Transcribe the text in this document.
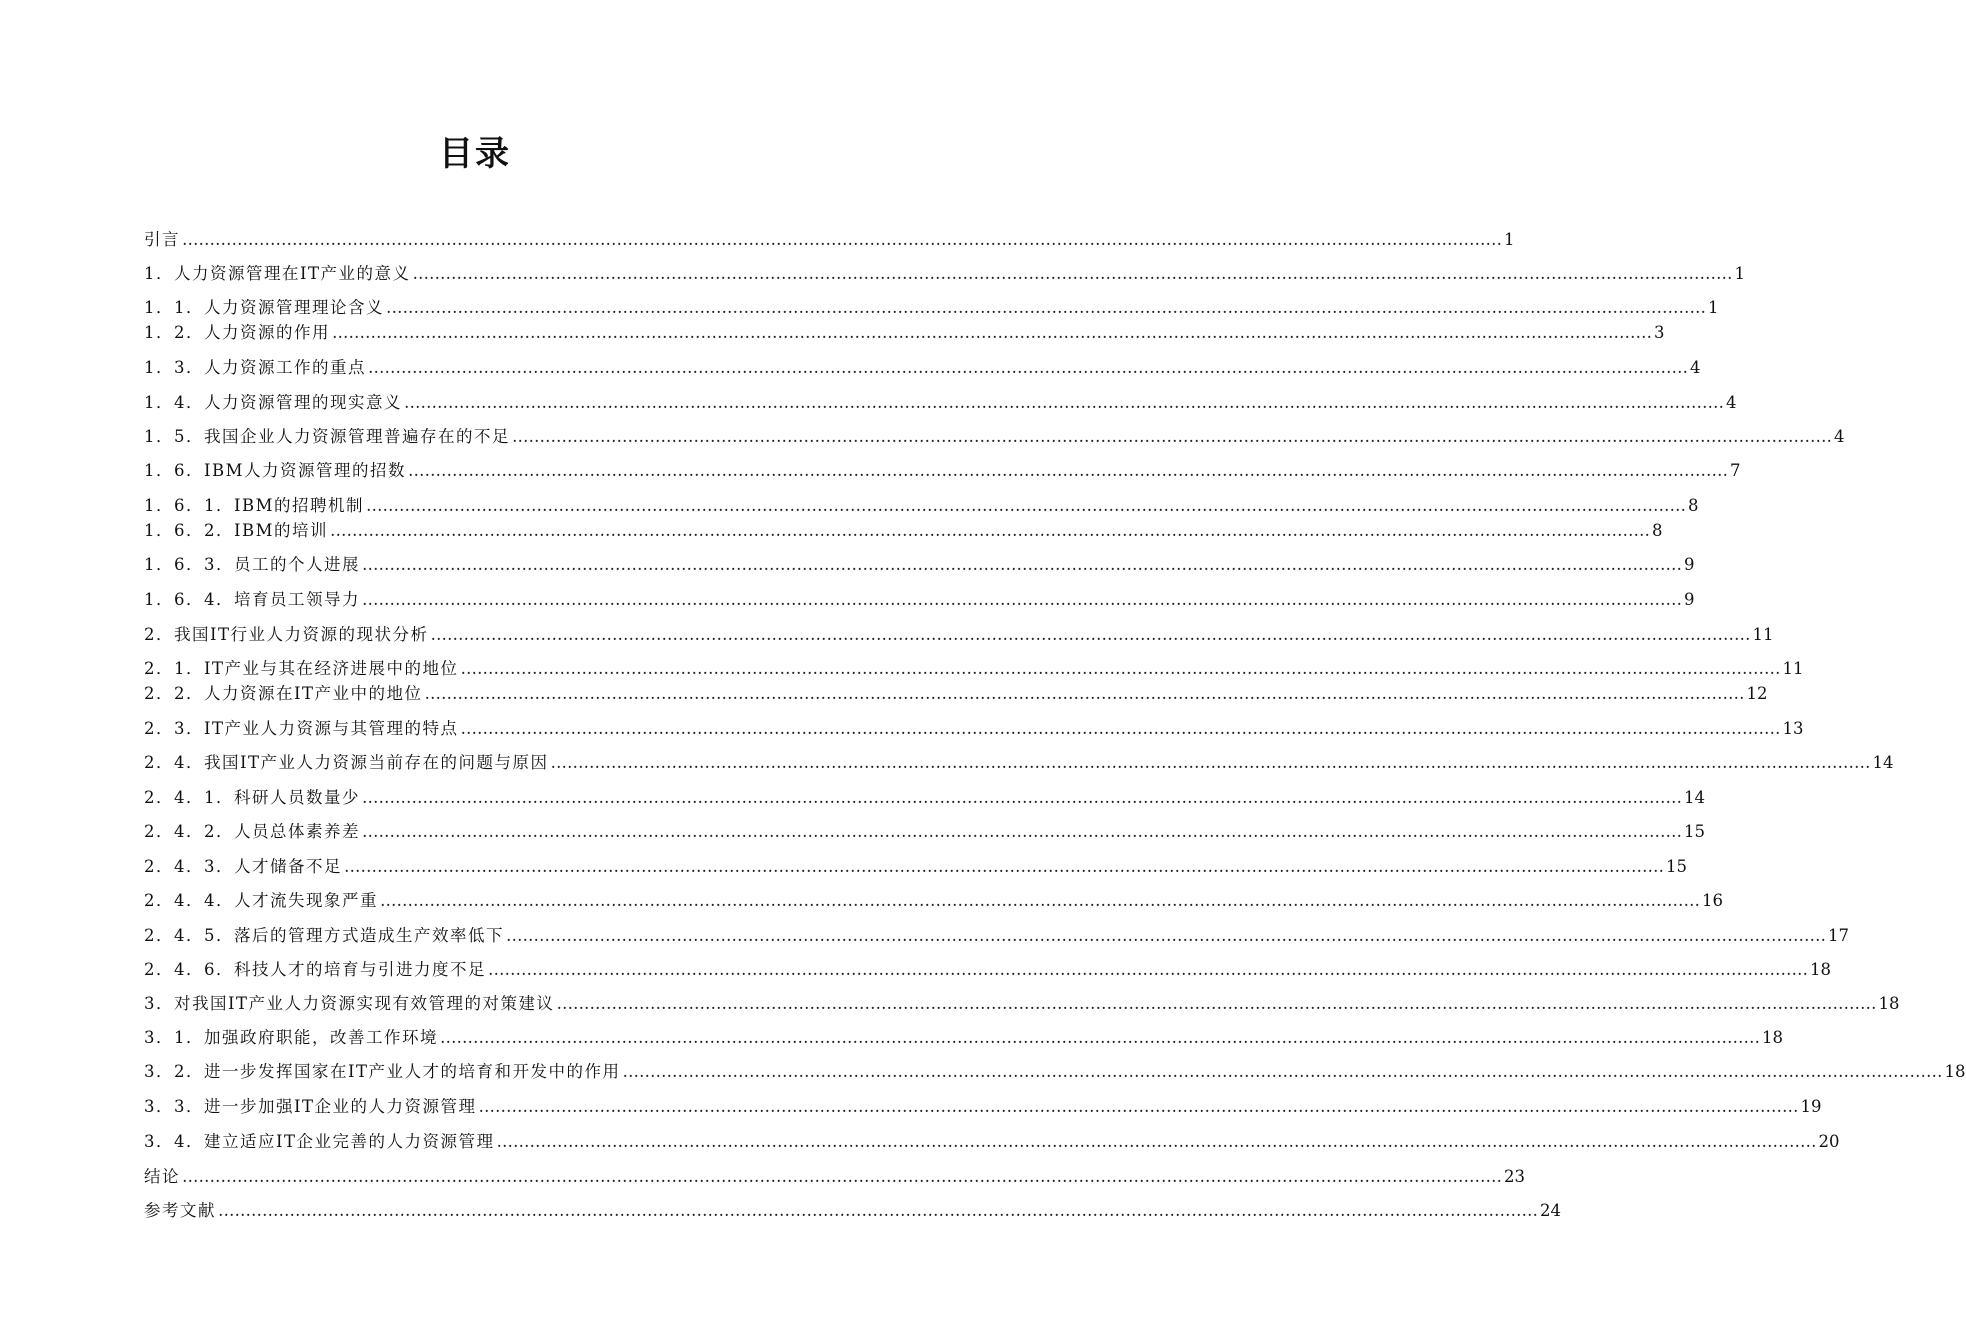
目录
引言 …………………………………………………………………………………………………………………………………………………………………………………………………………………… 1
1．人力资源管理在IT产业的意义 …………………………………………………………………………………………………………………………………………………………………………………………………………………… 1
1．1．人力资源管理理论含义 …………………………………………………………………………………………………………………………………………………………………………………………………………………… 1
1．2．人力资源的作用 …………………………………………………………………………………………………………………………………………………………………………………………………………………… 3
1．3．人力资源工作的重点 …………………………………………………………………………………………………………………………………………………………………………………………………………………… 4
1．4．人力资源管理的现实意义 …………………………………………………………………………………………………………………………………………………………………………………………………………………… 4
1．5．我国企业人力资源管理普遍存在的不足 …………………………………………………………………………………………………………………………………………………………………………………………………………………… 4
1．6．IBM人力资源管理的招数 …………………………………………………………………………………………………………………………………………………………………………………………………………………… 7
1．6．1．IBM的招聘机制 …………………………………………………………………………………………………………………………………………………………………………………………………………………… 8
1．6．2．IBM的培训 …………………………………………………………………………………………………………………………………………………………………………………………………………………… 8
1．6．3．员工的个人进展 …………………………………………………………………………………………………………………………………………………………………………………………………………………… 9
1．6．4．培育员工领导力 …………………………………………………………………………………………………………………………………………………………………………………………………………………… 9
2．我国IT行业人力资源的现状分析 …………………………………………………………………………………………………………………………………………………………………………………………………………………… 11
2．1．IT产业与其在经济进展中的地位 …………………………………………………………………………………………………………………………………………………………………………………………………………………… 11
2．2．人力资源在IT产业中的地位 …………………………………………………………………………………………………………………………………………………………………………………………………………………… 12
2．3．IT产业人力资源与其管理的特点 …………………………………………………………………………………………………………………………………………………………………………………………………………………… 13
2．4．我国IT产业人力资源当前存在的问题与原因 …………………………………………………………………………………………………………………………………………………………………………………………………………………… 14
2．4．1．科研人员数量少 …………………………………………………………………………………………………………………………………………………………………………………………………………………… 14
2．4．2．人员总体素养差 …………………………………………………………………………………………………………………………………………………………………………………………………………………… 15
2．4．3．人才储备不足 …………………………………………………………………………………………………………………………………………………………………………………………………………………… 15
2．4．4．人才流失现象严重 …………………………………………………………………………………………………………………………………………………………………………………………………………………… 16
2．4．5．落后的管理方式造成生产效率低下 …………………………………………………………………………………………………………………………………………………………………………………………………………………… 17
2．4．6．科技人才的培育与引进力度不足 …………………………………………………………………………………………………………………………………………………………………………………………………………………… 18
3．对我国IT产业人力资源实现有效管理的对策建议 …………………………………………………………………………………………………………………………………………………………………………………………………………………… 18
3．1．加强政府职能，改善工作环境 …………………………………………………………………………………………………………………………………………………………………………………………………………………… 18
3．2．进一步发挥国家在IT产业人才的培育和开发中的作用 …………………………………………………………………………………………………………………………………………………………………………………………………………………… 18
3．3．进一步加强IT企业的人力资源管理 …………………………………………………………………………………………………………………………………………………………………………………………………………………… 19
3．4．建立适应IT企业完善的人力资源管理 …………………………………………………………………………………………………………………………………………………………………………………………………………………… 20
结论 …………………………………………………………………………………………………………………………………………………………………………………………………………………… 23
参考文献 …………………………………………………………………………………………………………………………………………………………………………………………………………………… 24
